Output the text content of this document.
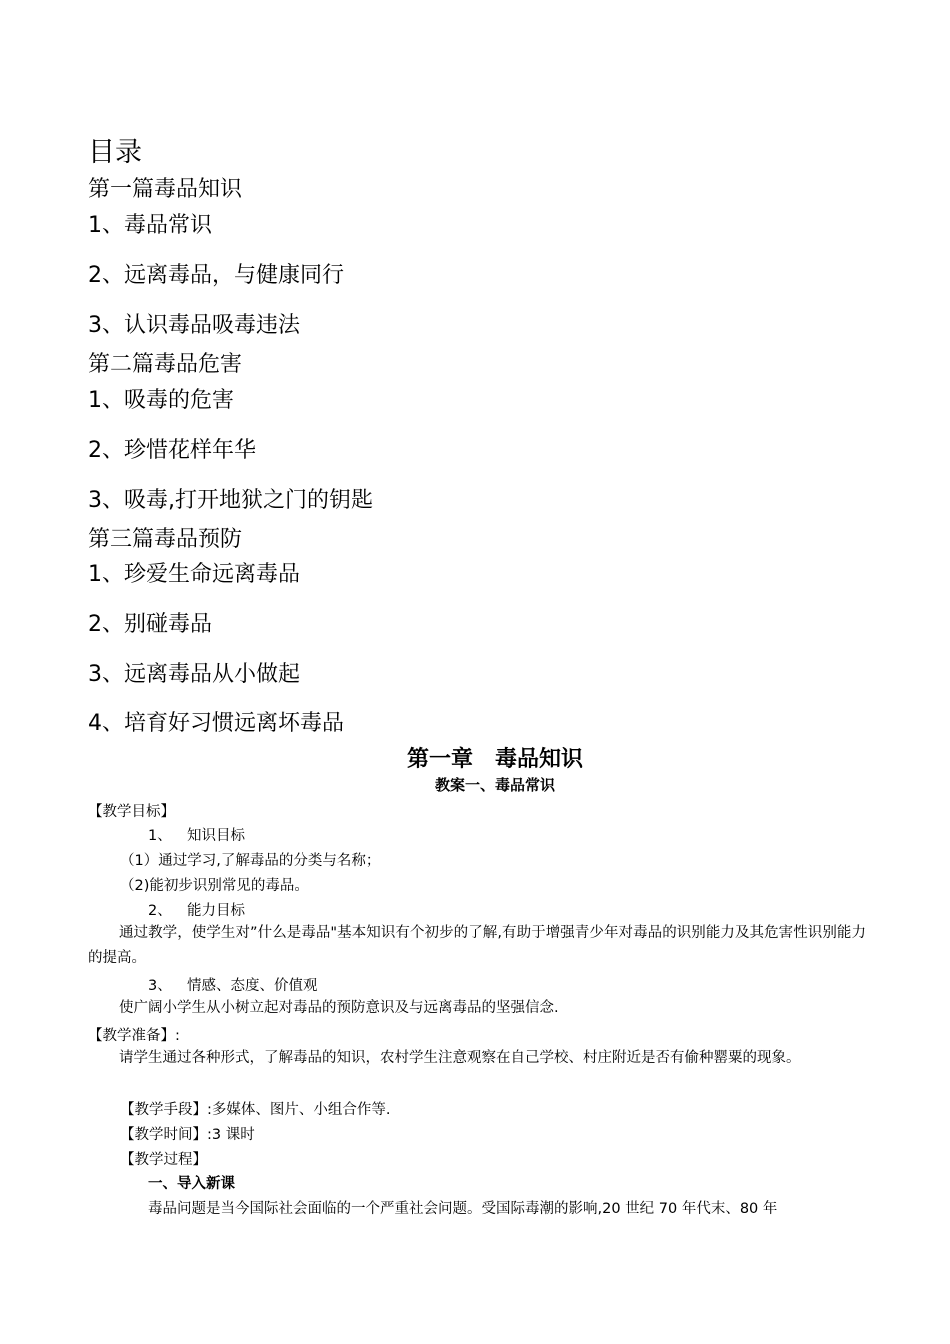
目录
第一篇毒品知识
1、毒品常识
2、远离毒品，与健康同行
3、认识毒品吸毒违法
第二篇毒品危害
1、吸毒的危害
2、珍惜花样年华
3、吸毒,打开地狱之门的钥匙
第三篇毒品预防
1、珍爱生命远离毒品
2、别碰毒品
3、远离毒品从小做起
4、培育好习惯远离坏毒品
第一章　毒品知识
教案一、毒品常识
【教学目标】
1、 知识目标
（1）通过学习,了解毒品的分类与名称；
（2)能初步识别常见的毒品。
2、 能力目标
通过教学，使学生对”什么是毒品"基本知识有个初步的了解,有助于增强青少年对毒品的识别能力及其危害性识别能力的提高。
3、 情感、态度、价值观
使广阔小学生从小树立起对毒品的预防意识及与远离毒品的坚强信念.
【教学准备】:
请学生通过各种形式，了解毒品的知识，农村学生注意观察在自己学校、村庄附近是否有偷种罂粟的现象。
【教学手段】:多媒体、图片、小组合作等.
【教学时间】:3 课时
【教学过程】
一、导入新课
毒品问题是当今国际社会面临的一个严重社会问题。受国际毒潮的影响,20 世纪 70 年代末、80 年
